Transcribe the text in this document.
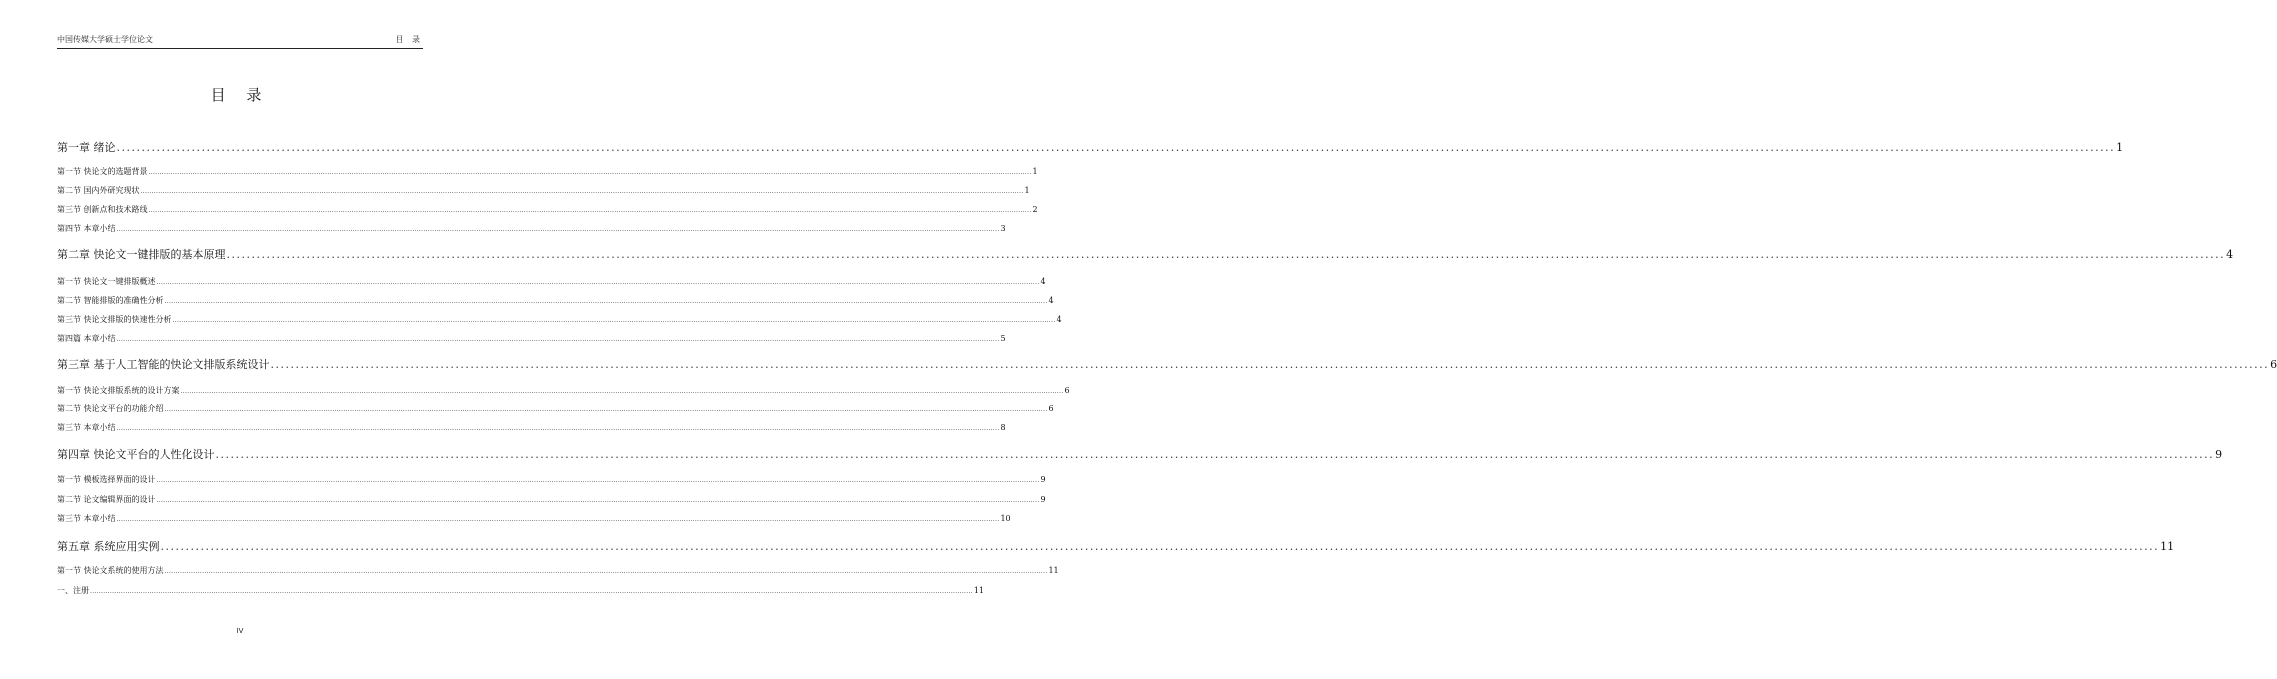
中国传媒大学硕士学位论文	目 录
目 录
第一章 绪论 ................................................................................................................................................................................................................................................................................................................................................................................................................ 1
第一节 快论文的选题背景 ................................................................................................................................................................................................................................................................................................................................................................................................................ 1
第二节 国内外研究现状 ................................................................................................................................................................................................................................................................................................................................................................................................................ 1
第三节 创新点和技术路线 ................................................................................................................................................................................................................................................................................................................................................................................................................ 2
第四节 本章小结 ................................................................................................................................................................................................................................................................................................................................................................................................................ 3
第二章 快论文一键排版的基本原理 ................................................................................................................................................................................................................................................................................................................................................................................................................ 4
第一节 快论文一键排版概述 ................................................................................................................................................................................................................................................................................................................................................................................................................ 4
第二节 智能排版的准确性分析 ................................................................................................................................................................................................................................................................................................................................................................................................................ 4
第三节 快论文排版的快速性分析 ................................................................................................................................................................................................................................................................................................................................................................................................................ 4
第四篇 本章小结 ................................................................................................................................................................................................................................................................................................................................................................................................................ 5
第三章 基于人工智能的快论文排版系统设计 ................................................................................................................................................................................................................................................................................................................................................................................................................ 6
第一节 快论文排版系统的设计方案 ................................................................................................................................................................................................................................................................................................................................................................................................................ 6
第二节 快论文平台的功能介绍 ................................................................................................................................................................................................................................................................................................................................................................................................................ 6
第三节 本章小结 ................................................................................................................................................................................................................................................................................................................................................................................................................ 8
第四章 快论文平台的人性化设计 ................................................................................................................................................................................................................................................................................................................................................................................................................ 9
第一节 模板选择界面的设计 ................................................................................................................................................................................................................................................................................................................................................................................................................ 9
第二节 论文编辑界面的设计 ................................................................................................................................................................................................................................................................................................................................................................................................................ 9
第三节 本章小结 ................................................................................................................................................................................................................................................................................................................................................................................................................ 10
第五章 系统应用实例 ................................................................................................................................................................................................................................................................................................................................................................................................................ 11
第一节 快论文系统的使用方法 ................................................................................................................................................................................................................................................................................................................................................................................................................ 11
一、注册 ................................................................................................................................................................................................................................................................................................................................................................................................................ 11
IV
